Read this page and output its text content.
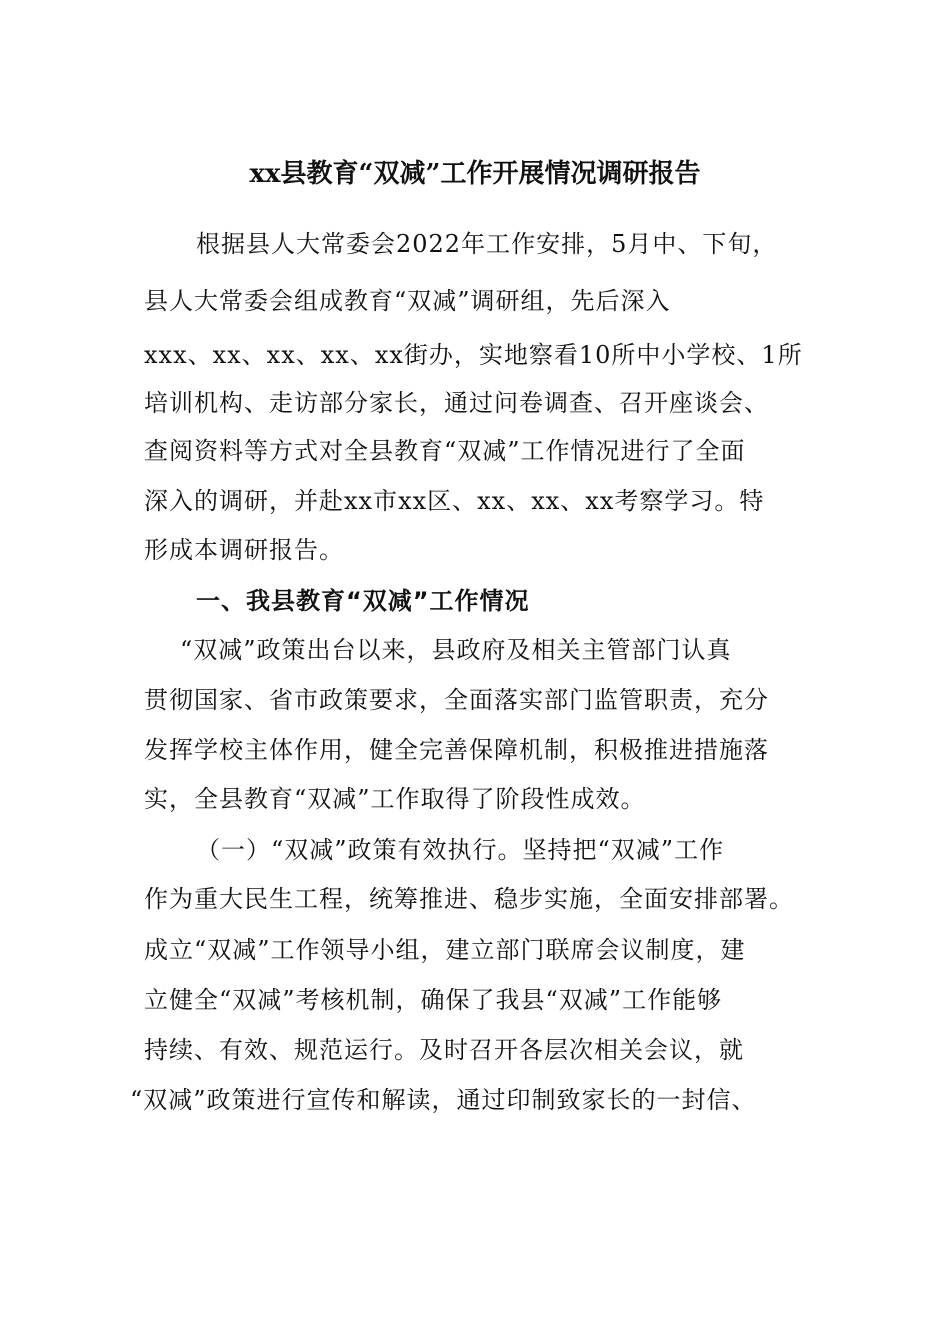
xx县教育“双减”工作开展情况调研报告
根据县人大常委会2022年工作安排，5月中、下旬，
县人大常委会组成教育“双减”调研组，先后深入
xxx、xx、xx、xx、xx街办，实地察看10所中小学校、1所
培训机构、走访部分家长，通过问卷调查、召开座谈会、
查阅资料等方式对全县教育“双减”工作情况进行了全面
深入的调研，并赴xx市xx区、xx、xx、xx考察学习。特
形成本调研报告。
一、我县教育“双减”工作情况
“双减”政策出台以来，县政府及相关主管部门认真
贯彻国家、省市政策要求，全面落实部门监管职责，充分
发挥学校主体作用，健全完善保障机制，积极推进措施落
实，全县教育“双减”工作取得了阶段性成效。
（一）“双减”政策有效执行。坚持把“双减”工作
作为重大民生工程，统筹推进、稳步实施，全面安排部署。
成立“双减”工作领导小组，建立部门联席会议制度，建
立健全“双减”考核机制，确保了我县“双减”工作能够
持续、有效、规范运行。及时召开各层次相关会议，就
“双减”政策进行宣传和解读，通过印制致家长的一封信、
